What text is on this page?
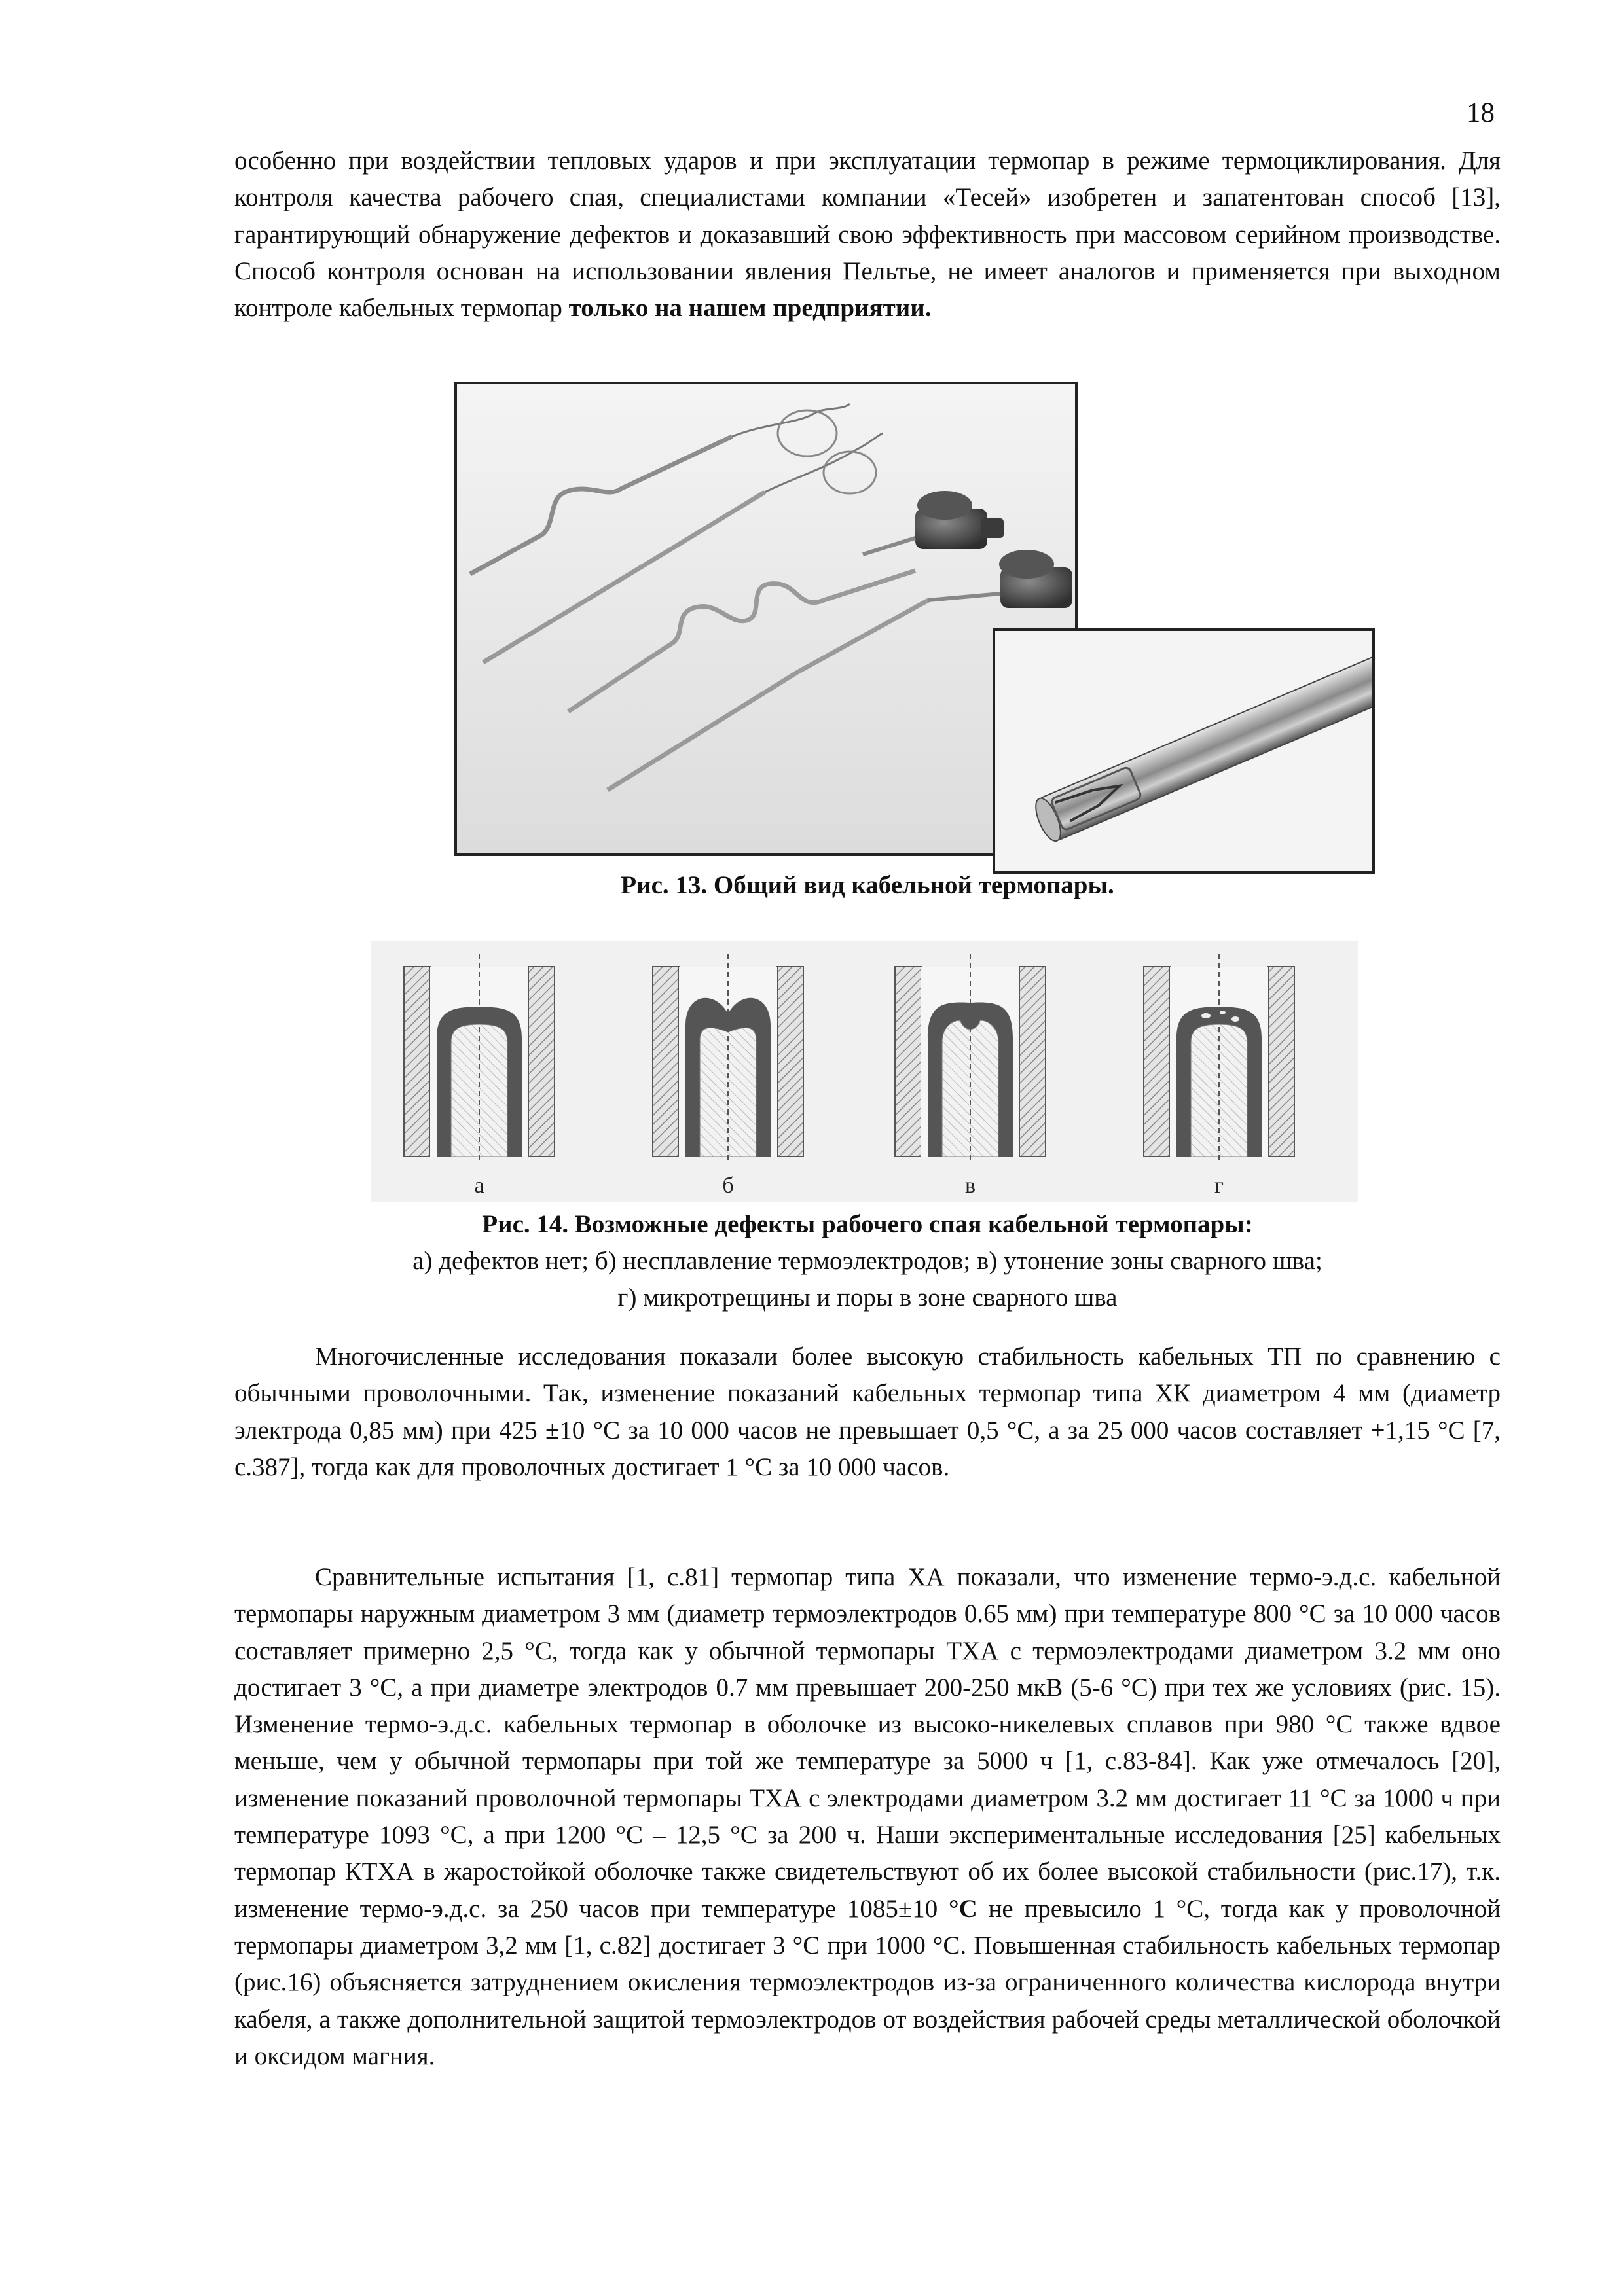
18

особенно при воздействии тепловых ударов и при эксплуатации термопар в режиме термоциклирования. Для контроля качества рабочего спая, специалистами компании «Тесей» изобретен и запатентован способ [13], гарантирующий обнаружение дефектов и доказавший свою эффективность при массовом серийном производстве. Способ контроля основан на использовании явления Пельтье, не имеет аналогов и применяется при выходном контроле кабельных термопар только на нашем предприятии.

Рис. 13. Общий вид кабельной термопары.

а	б	в	г
Рис. 14. Возможные дефекты рабочего спая кабельной термопары:
а) дефектов нет; б) несплавление термоэлектродов; в) утонение зоны сварного шва;
г) микротрещины и поры в зоне сварного шва

Многочисленные исследования показали более высокую стабильность кабельных ТП по сравнению с обычными проволочными. Так, изменение показаний кабельных термопар типа ХК диаметром 4 мм (диаметр электрода 0,85 мм) при 425 ±10 °С за 10 000 часов не превышает 0,5 °С, а за 25 000 часов составляет +1,15 °С [7, с.387], тогда как для проволочных достигает 1 °С за 10 000 часов.

Сравнительные испытания [1, с.81] термопар типа ХА показали, что изменение термо-э.д.с. кабельной термопары наружным диаметром 3 мм (диаметр термоэлектродов 0.65 мм) при температуре 800 °С за 10 000 часов составляет примерно 2,5 °С, тогда как у обычной термопары ТХА с термоэлектродами диаметром 3.2 мм оно достигает 3 °С, а при диаметре электродов 0.7 мм превышает 200-250 мкВ (5-6 °С) при тех же условиях (рис. 15). Изменение термо-э.д.с. кабельных термопар в оболочке из высоко-никелевых сплавов при 980 °С также вдвое меньше, чем у обычной термопары при той же температуре за 5000 ч [1, с.83-84]. Как уже отмечалось [20], изменение показаний проволочной термопары ТХА с электродами диаметром 3.2 мм достигает 11 °С за 1000 ч при температуре 1093 °С, а при 1200 °С – 12,5 °С за 200 ч. Наши экспериментальные исследования [25] кабельных термопар КТХА в жаростойкой оболочке также свидетельствуют об их более высокой стабильности (рис.17), т.к. изменение термо-э.д.с. за 250 часов при температуре 1085±10 °С не превысило 1 °С, тогда как у проволочной термопары диаметром 3,2 мм [1, с.82] достигает 3 °С при 1000 °С. Повышенная стабильность кабельных термопар (рис.16) объясняется затруднением окисления термоэлектродов из-за ограниченного количества кислорода внутри кабеля, а также дополнительной защитой термоэлектродов от воздействия рабочей среды металлической оболочкой и оксидом магния.
